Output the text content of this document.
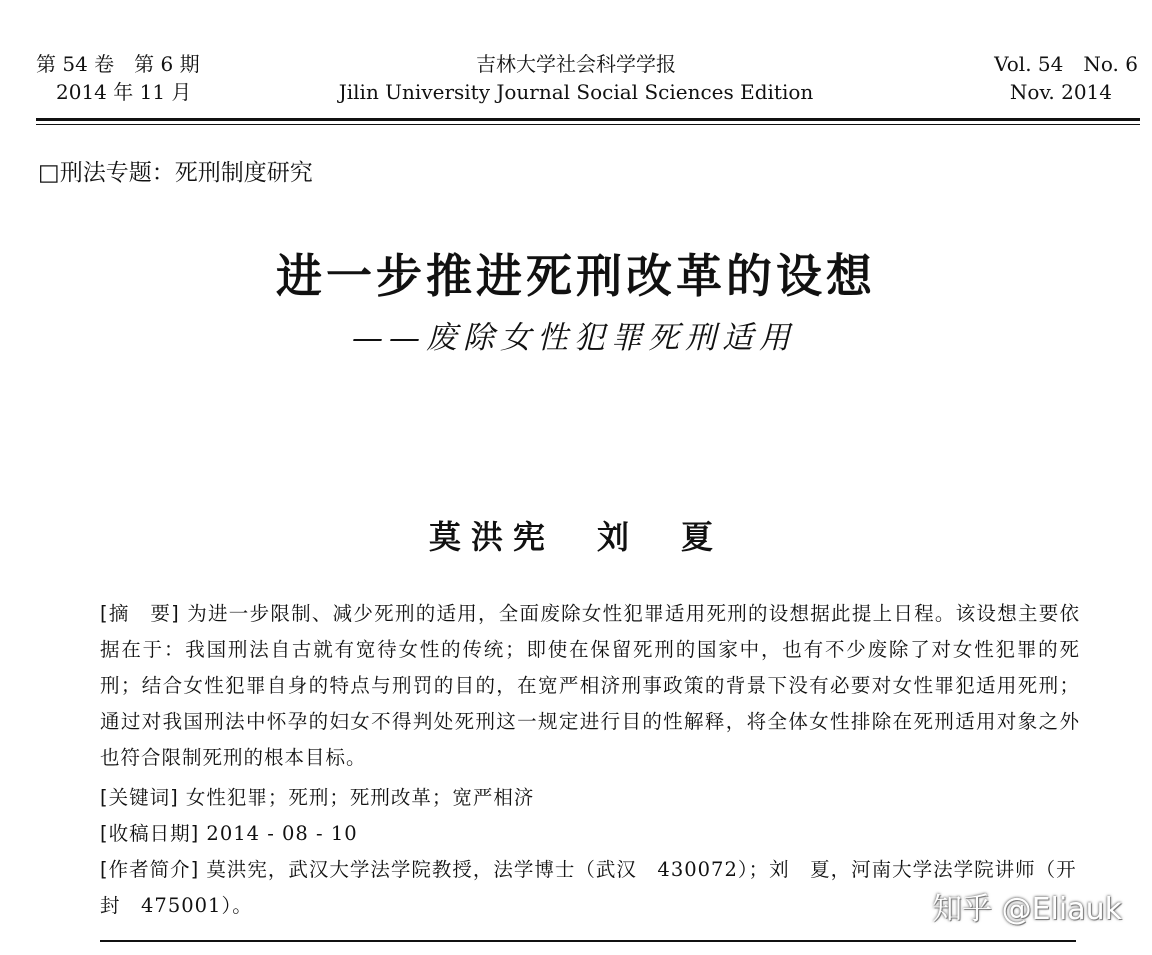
第 54 卷　第 6 期
2014 年 11 月
吉林大学社会科学学报
Jilin University Journal Social Sciences Edition
Vol. 54　No. 6
Nov. 2014
□刑法专题：死刑制度研究
进一步推进死刑改革的设想
——废除女性犯罪死刑适用
莫洪宪　刘　夏
[摘　要] 为进一步限制、减少死刑的适用，全面废除女性犯罪适用死刑的设想据此提上日程。该设想主要依据在于：我国刑法自古就有宽待女性的传统；即使在保留死刑的国家中，也有不少废除了对女性犯罪的死刑；结合女性犯罪自身的特点与刑罚的目的，在宽严相济刑事政策的背景下没有必要对女性罪犯适用死刑；通过对我国刑法中怀孕的妇女不得判处死刑这一规定进行目的性解释，将全体女性排除在死刑适用对象之外也符合限制死刑的根本目标。
[关键词] 女性犯罪；死刑；死刑改革；宽严相济
[收稿日期] 2014 - 08 - 10
[作者简介] 莫洪宪，武汉大学法学院教授，法学博士（武汉　430072）；刘　夏，河南大学法学院讲师（开封　475001）。	知乎 @Eliauk
